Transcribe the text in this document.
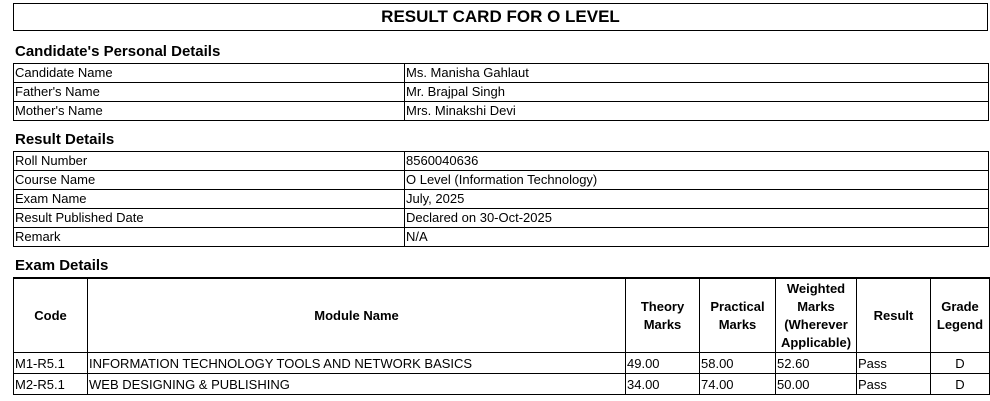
RESULT CARD FOR O LEVEL
Candidate's Personal Details
Candidate Name	Ms. Manisha Gahlaut
Father's Name	Mr. Brajpal Singh
Mother's Name	Mrs. Minakshi Devi
Result Details
Roll Number	8560040636
Course Name	O Level (Information Technology)
Exam Name	July, 2025
Result Published Date	Declared on 30-Oct-2025
Remark	N/A
Exam Details
Code	Module Name	Theory Marks	Practical Marks	Weighted Marks (Wherever Applicable)	Result	Grade Legend
M1-R5.1	INFORMATION TECHNOLOGY TOOLS AND NETWORK BASICS	49.00	58.00	52.60	Pass	D
M2-R5.1	WEB DESIGNING & PUBLISHING	34.00	74.00	50.00	Pass	D
